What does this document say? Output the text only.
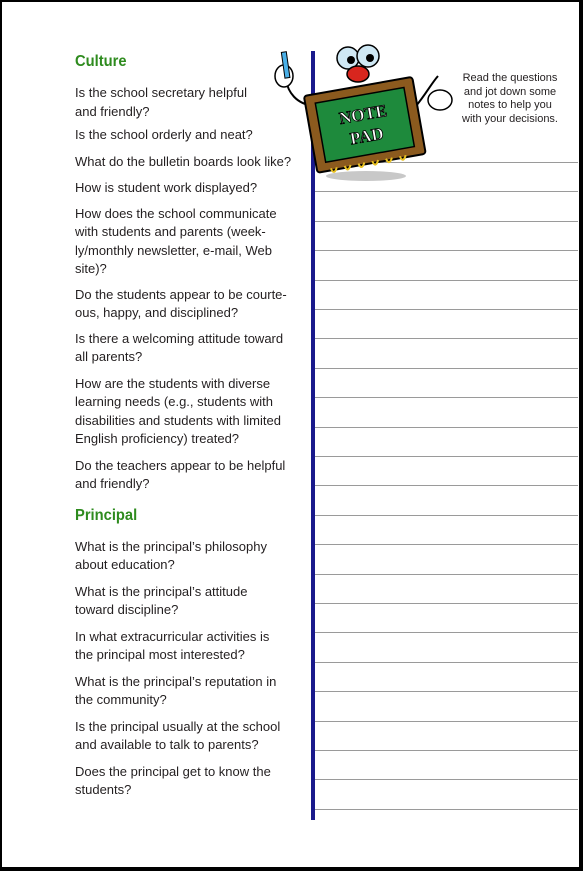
Culture

Is the school secretary helpful and friendly?

Is the school orderly and neat?

What do the bulletin boards look like?

How is student work displayed?

How does the school communicate with students and parents (week-ly/monthly newsletter, e-mail, Web site)?

Do the students appear to be courte-ous, happy, and disciplined?

Is there a welcoming attitude toward all parents?

How are the students with diverse learning needs (e.g., students with disabilities and students with limited English proficiency) treated?

Do the teachers appear to be helpful and friendly?

Principal

What is the principal’s philosophy about education?

What is the principal’s attitude toward discipline?

In what extracurricular activities is the principal most interested?

What is the principal’s reputation in the community?

Is the principal usually at the school and available to talk to parents?

Does the principal get to know the students?

NOTE
PAD
Read the questions and jot down some notes to help you with your decisions.
